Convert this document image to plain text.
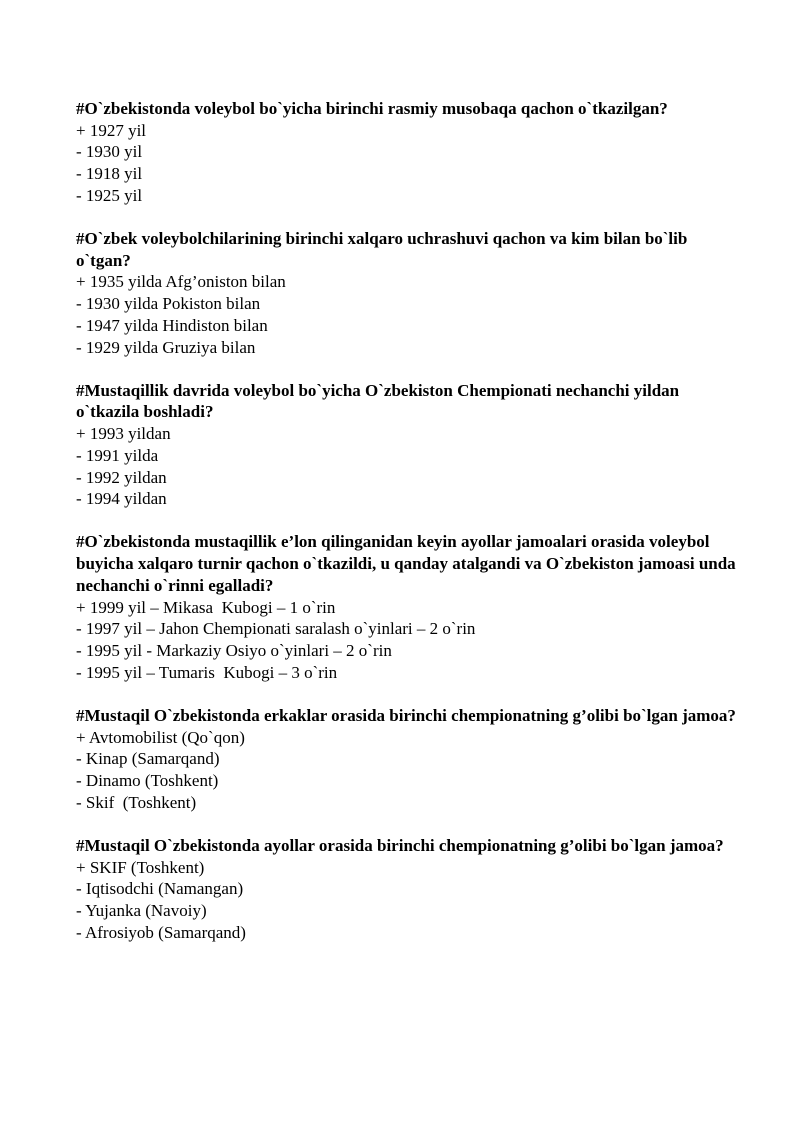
#O`zbekistonda voleybol bo`yicha birinchi rasmiy musobaqa qachon o`tkazilgan?

+ 1927 yil
- 1930 yil
- 1918 yil
- 1925 yil

#O`zbek voleybolchilarining birinchi xalqaro uchrashuvi qachon va kim bilan bo`lib o`tgan?

+ 1935 yilda Afg’oniston bilan
- 1930 yilda Pokiston bilan
- 1947 yilda Hindiston bilan
- 1929 yilda Gruziya bilan

#Mustaqillik davrida voleybol bo`yicha O`zbekiston Chempionati nechanchi yildan o`tkazila boshladi?

+ 1993 yildan
- 1991 yilda
- 1992 yildan
- 1994 yildan

#O`zbekistonda mustaqillik e’lon qilinganidan keyin ayollar jamoalari orasida voleybol buyicha xalqaro turnir qachon o`tkazildi, u qanday atalgandi va O`zbekiston jamoasi unda nechanchi o`rinni egalladi?

+ 1999 yil – Mikasa  Kubogi – 1 o`rin
- 1997 yil – Jahon Chempionati saralash o`yinlari – 2 o`rin
- 1995 yil - Markaziy Osiyo o`yinlari – 2 o`rin
- 1995 yil – Tumaris  Kubogi – 3 o`rin

#Mustaqil O`zbekistonda erkaklar orasida birinchi chempionatning g’olibi bo`lgan jamoa?

+ Avtomobilist (Qo`qon)
- Kinap (Samarqand)
- Dinamo (Toshkent)
- Skif  (Toshkent)

#Mustaqil O`zbekistonda ayollar orasida birinchi chempionatning g’olibi bo`lgan jamoa?

+ SKIF (Toshkent)
- Iqtisodchi (Namangan)
- Yujanka (Navoiy)
- Afrosiyob (Samarqand)
